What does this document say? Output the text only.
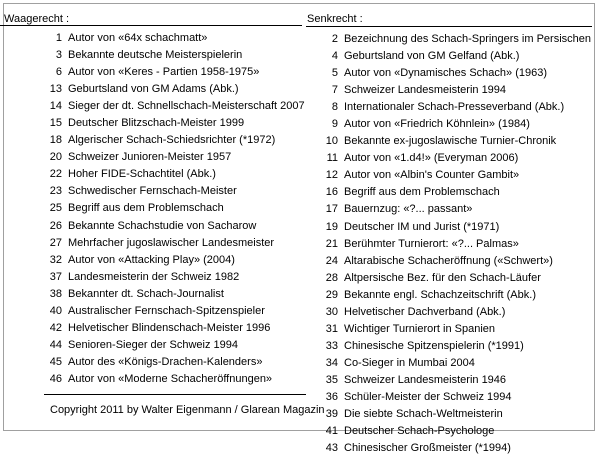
Waagerecht :
1 Autor von «64x schachmatt»
3 Bekannte deutsche Meisterspielerin
6 Autor von «Keres - Partien 1958-1975»
13 Geburtsland von GM Adams (Abk.)
14 Sieger der dt. Schnellschach-Meisterschaft 2007
15 Deutscher Blitzschach-Meister 1999
18 Algerischer Schach-Schiedsrichter (*1972)
20 Schweizer Junioren-Meister 1957
22 Hoher FIDE-Schachtitel (Abk.)
23 Schwedischer Fernschach-Meister
25 Begriff aus dem Problemschach
26 Bekannte Schachstudie von Sacharow
27 Mehrfacher jugoslawischer Landesmeister
32 Autor von «Attacking Play» (2004)
37 Landesmeisterin der Schweiz 1982
38 Bekannter dt. Schach-Journalist
40 Australischer Fernschach-Spitzenspieler
42 Helvetischer Blindenschach-Meister 1996
44 Senioren-Sieger der Schweiz 1994
45 Autor des «Königs-Drachen-Kalenders»
46 Autor von «Moderne Schacheröffnungen»
Senkrecht :
2 Bezeichnung des Schach-Springers im Persischen
4 Geburtsland von GM Gelfand (Abk.)
5 Autor von «Dynamisches Schach» (1963)
7 Schweizer Landesmeisterin 1994
8 Internationaler Schach-Presseverband (Abk.)
9 Autor von «Friedrich Köhnlein» (1984)
10 Bekannte ex-jugoslawische Turnier-Chronik
11 Autor von «1.d4!» (Everyman 2006)
12 Autor von «Albin's Counter Gambit»
16 Begriff aus dem Problemschach
17 Bauernzug: «?... passant»
19 Deutscher IM und Jurist (*1971)
21 Berühmter Turnierort: «?... Palmas»
24 Altarabische Schacheröffnung («Schwert»)
28 Altpersische Bez. für den Schach-Läufer
29 Bekannte engl. Schachzeitschrift (Abk.)
30 Helvetischer Dachverband (Abk.)
31 Wichtiger Turnierort in Spanien
33 Chinesische Spitzenspielerin (*1991)
34 Co-Sieger in Mumbai 2004
35 Schweizer Landesmeisterin 1946
36 Schüler-Meister der Schweiz 1994
39 Die siebte Schach-Weltmeisterin
41 Deutscher Schach-Psychologe
43 Chinesischer Großmeister (*1994)
Copyright 2011 by Walter Eigenmann / Glarean Magazin
